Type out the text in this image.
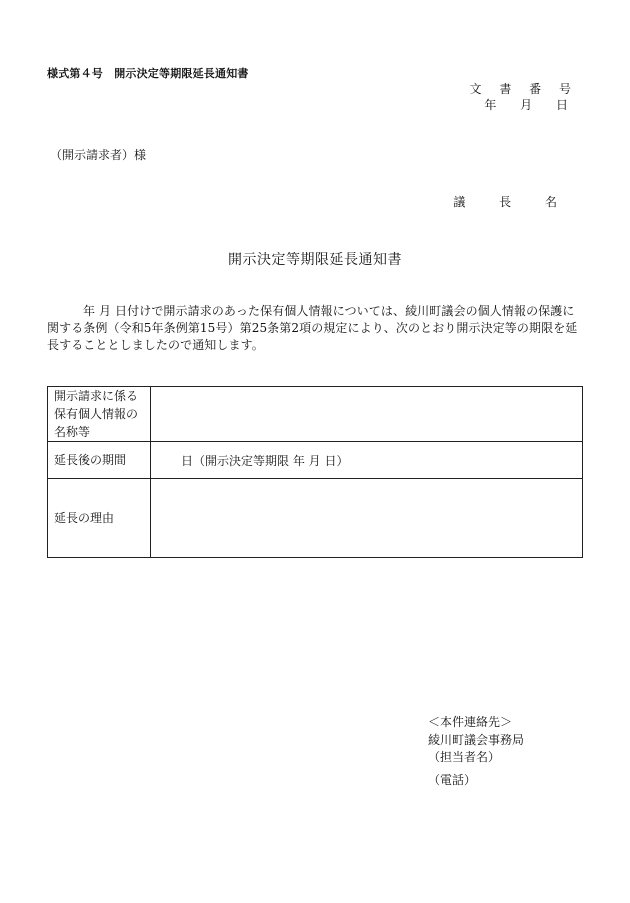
様式第４号　開示決定等期限延長通知書
文 書 番 号
年 月 日
（開示請求者）様
議 長 名
開示決定等期限延長通知書
年 月 日付けで開示請求のあった保有個人情報については、綾川町議会の個人情報の保護に関する条例（令和5年条例第15号）第25条第2項の規定により、次のとおり開示決定等の期限を延長することとしましたので通知します。
開示請求に係る保有個人情報の名称等	
延長後の期間	日（開示決定等期限 年 月 日）
延長の理由	
＜本件連絡先＞
綾川町議会事務局
（担当者名）
（電話）
